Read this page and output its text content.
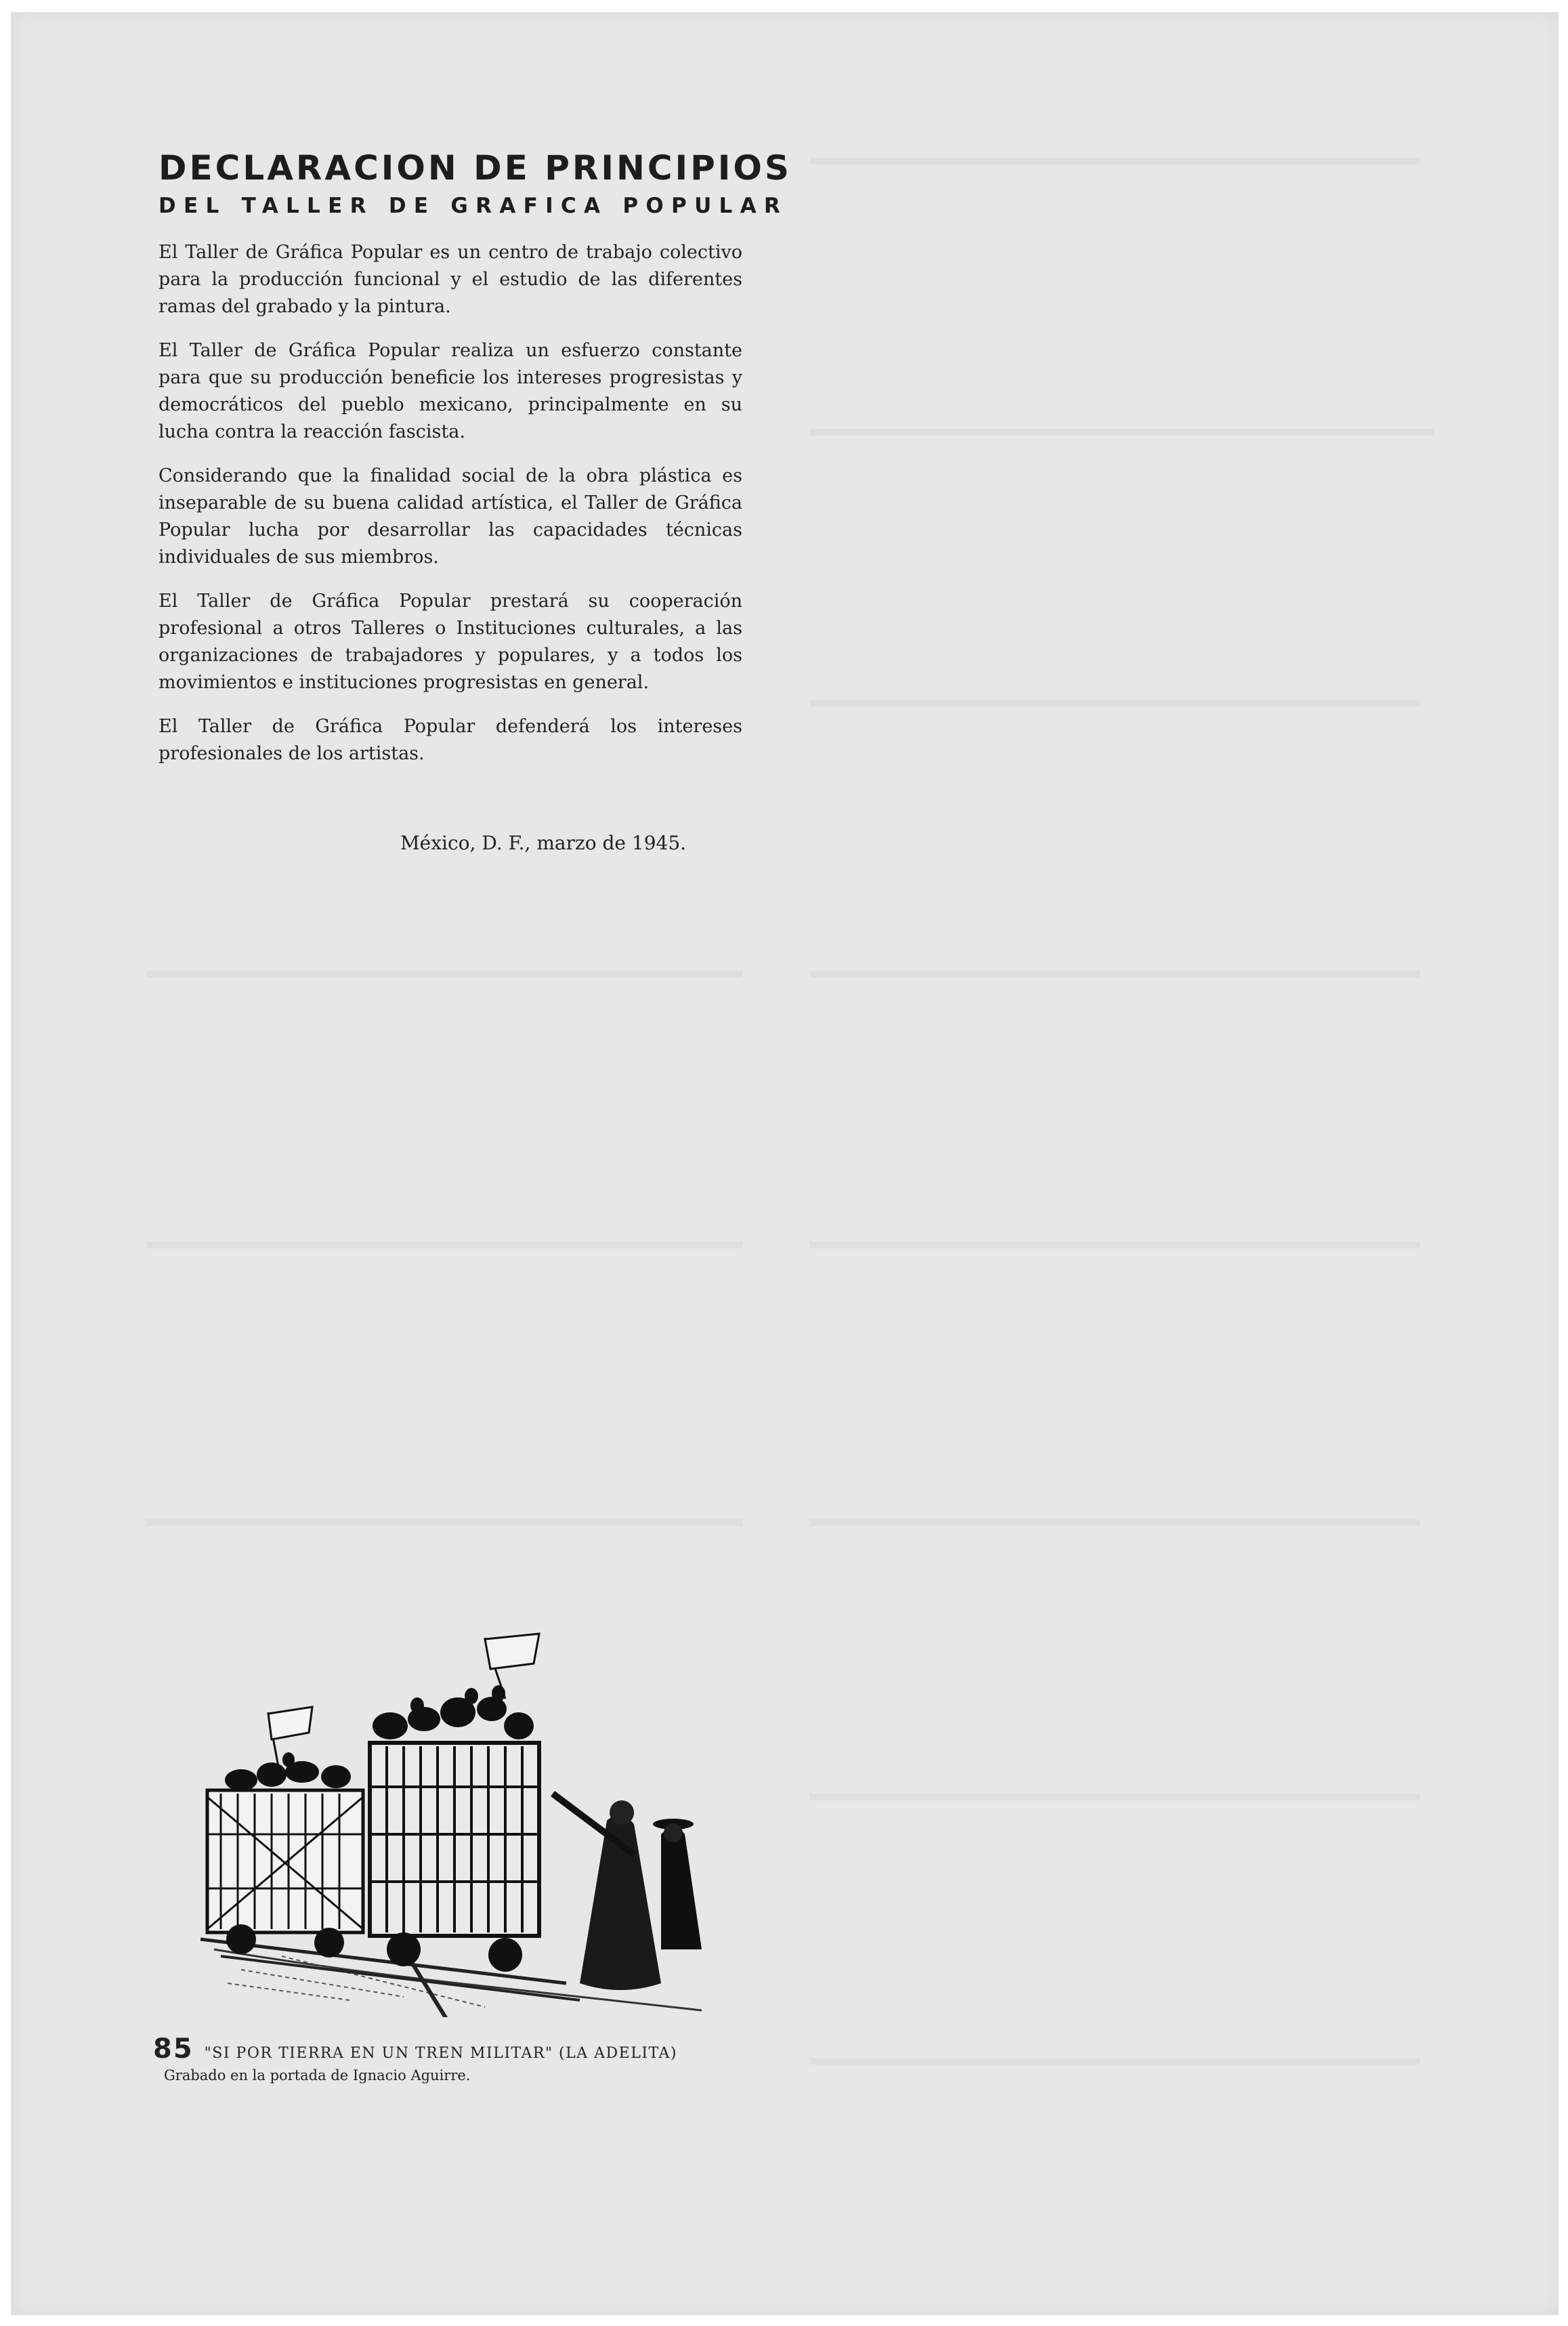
DECLARACION DE PRINCIPIOS
DEL TALLER DE GRAFICA POPULAR

El Taller de Gráfica Popular es un centro de trabajo colectivo para la producción funcional y el estudio de las diferentes ramas del grabado y la pintura.

El Taller de Gráfica Popular realiza un esfuerzo constante para que su producción beneficie los intereses progresistas y democráticos del pueblo mexicano, principalmente en su lucha contra la reacción fascista.

Considerando que la finalidad social de la obra plástica es inseparable de su buena calidad artística, el Taller de Gráfica Popular lucha por desarrollar las capacidades técnicas individuales de sus miembros.

El Taller de Gráfica Popular prestará su cooperación profesional a otros Talleres o Instituciones culturales, a las organizaciones de trabajadores y populares, y a todos los movimientos e instituciones progresistas en general.

El Taller de Gráfica Popular defenderá los intereses profesionales de los artistas.

México, D. F., marzo de 1945.
85 "SI POR TIERRA EN UN TREN MILITAR" (LA ADELITA)
Grabado en la portada de Ignacio Aguirre.
